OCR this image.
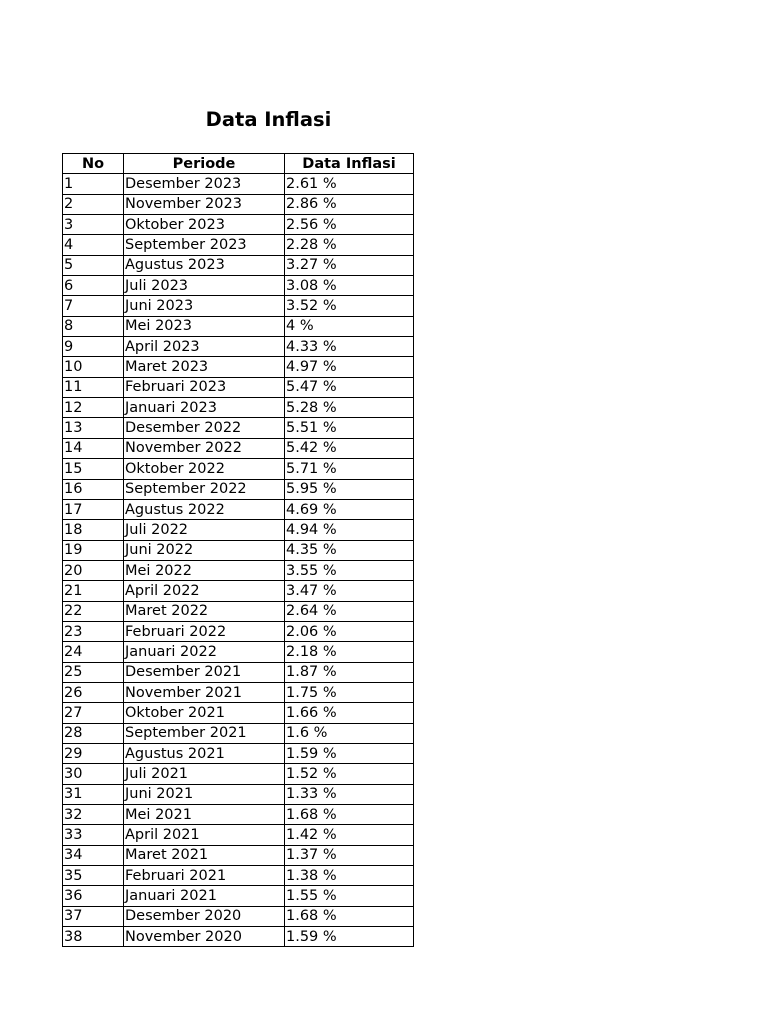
Data Inflasi
No	Periode	Data Inflasi
1	Desember 2023	2.61 %
2	November 2023	2.86 %
3	Oktober 2023	2.56 %
4	September 2023	2.28 %
5	Agustus 2023	3.27 %
6	Juli 2023	3.08 %
7	Juni 2023	3.52 %
8	Mei 2023	4 %
9	April 2023	4.33 %
10	Maret 2023	4.97 %
11	Februari 2023	5.47 %
12	Januari 2023	5.28 %
13	Desember 2022	5.51 %
14	November 2022	5.42 %
15	Oktober 2022	5.71 %
16	September 2022	5.95 %
17	Agustus 2022	4.69 %
18	Juli 2022	4.94 %
19	Juni 2022	4.35 %
20	Mei 2022	3.55 %
21	April 2022	3.47 %
22	Maret 2022	2.64 %
23	Februari 2022	2.06 %
24	Januari 2022	2.18 %
25	Desember 2021	1.87 %
26	November 2021	1.75 %
27	Oktober 2021	1.66 %
28	September 2021	1.6 %
29	Agustus 2021	1.59 %
30	Juli 2021	1.52 %
31	Juni 2021	1.33 %
32	Mei 2021	1.68 %
33	April 2021	1.42 %
34	Maret 2021	1.37 %
35	Februari 2021	1.38 %
36	Januari 2021	1.55 %
37	Desember 2020	1.68 %
38	November 2020	1.59 %
